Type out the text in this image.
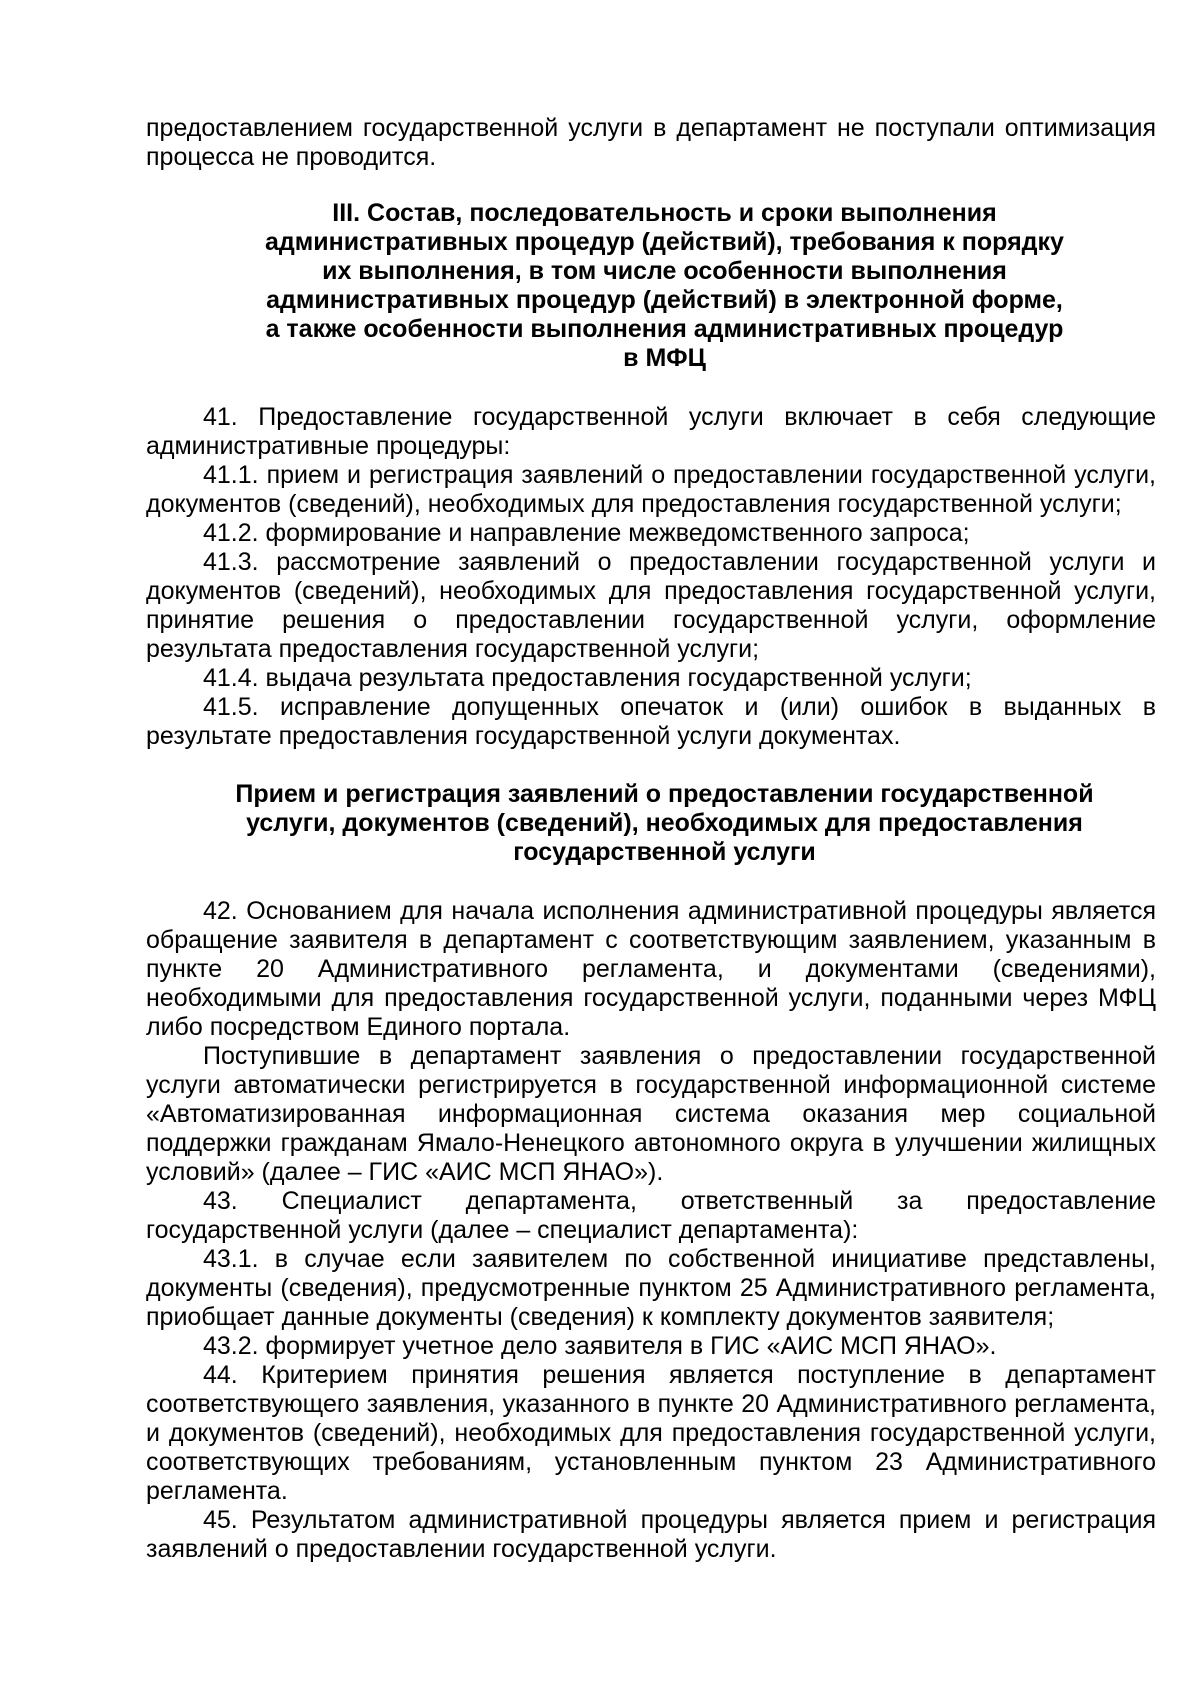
предоставлением государственной услуги в департамент не поступали оптимизация процесса не проводится.

III. Состав, последовательность и сроки выполнения
административных процедур (действий), требования к порядку
их выполнения, в том числе особенности выполнения
административных процедур (действий) в электронной форме,
а также особенности выполнения административных процедур
в МФЦ

41. Предоставление государственной услуги включает в себя следующие административные процедуры:

41.1. прием и регистрация заявлений о предоставлении государственной услуги, документов (сведений), необходимых для предоставления государственной услуги;

41.2. формирование и направление межведомственного запроса;

41.3. рассмотрение заявлений о предоставлении государственной услуги и документов (сведений), необходимых для предоставления государственной услуги, принятие решения о предоставлении государственной услуги, оформление результата предоставления государственной услуги;

41.4. выдача результата предоставления государственной услуги;

41.5. исправление допущенных опечаток и (или) ошибок в выданных в результате предоставления государственной услуги документах.

Прием и регистрация заявлений о предоставлении государственной
услуги, документов (сведений), необходимых для предоставления
государственной услуги

42. Основанием для начала исполнения административной процедуры является обращение заявителя в департамент с соответствующим заявлением, указанным в пункте 20 Административного регламента, и документами (сведениями), необходимыми для предоставления государственной услуги, поданными через МФЦ либо посредством Единого портала.

Поступившие в департамент заявления о предоставлении государственной услуги автоматически регистрируется в государственной информационной системе «Автоматизированная информационная система оказания мер социальной поддержки гражданам Ямало-Ненецкого автономного округа в улучшении жилищных условий» (далее – ГИС «АИС МСП ЯНАО»).

43. Специалист департамента, ответственный за предоставление государственной услуги (далее – специалист департамента):

43.1. в случае если заявителем по собственной инициативе представлены, документы (сведения), предусмотренные пунктом 25 Административного регламента, приобщает данные документы (сведения) к комплекту документов заявителя;

43.2. формирует учетное дело заявителя в ГИС «АИС МСП ЯНАО».

44. Критерием принятия решения является поступление в департамент соответствующего заявления, указанного в пункте 20 Административного регламента, и документов (сведений), необходимых для предоставления государственной услуги, соответствующих требованиям, установленным пунктом 23 Административного регламента.

45. Результатом административной процедуры является прием и регистрация заявлений о предоставлении государственной услуги.
